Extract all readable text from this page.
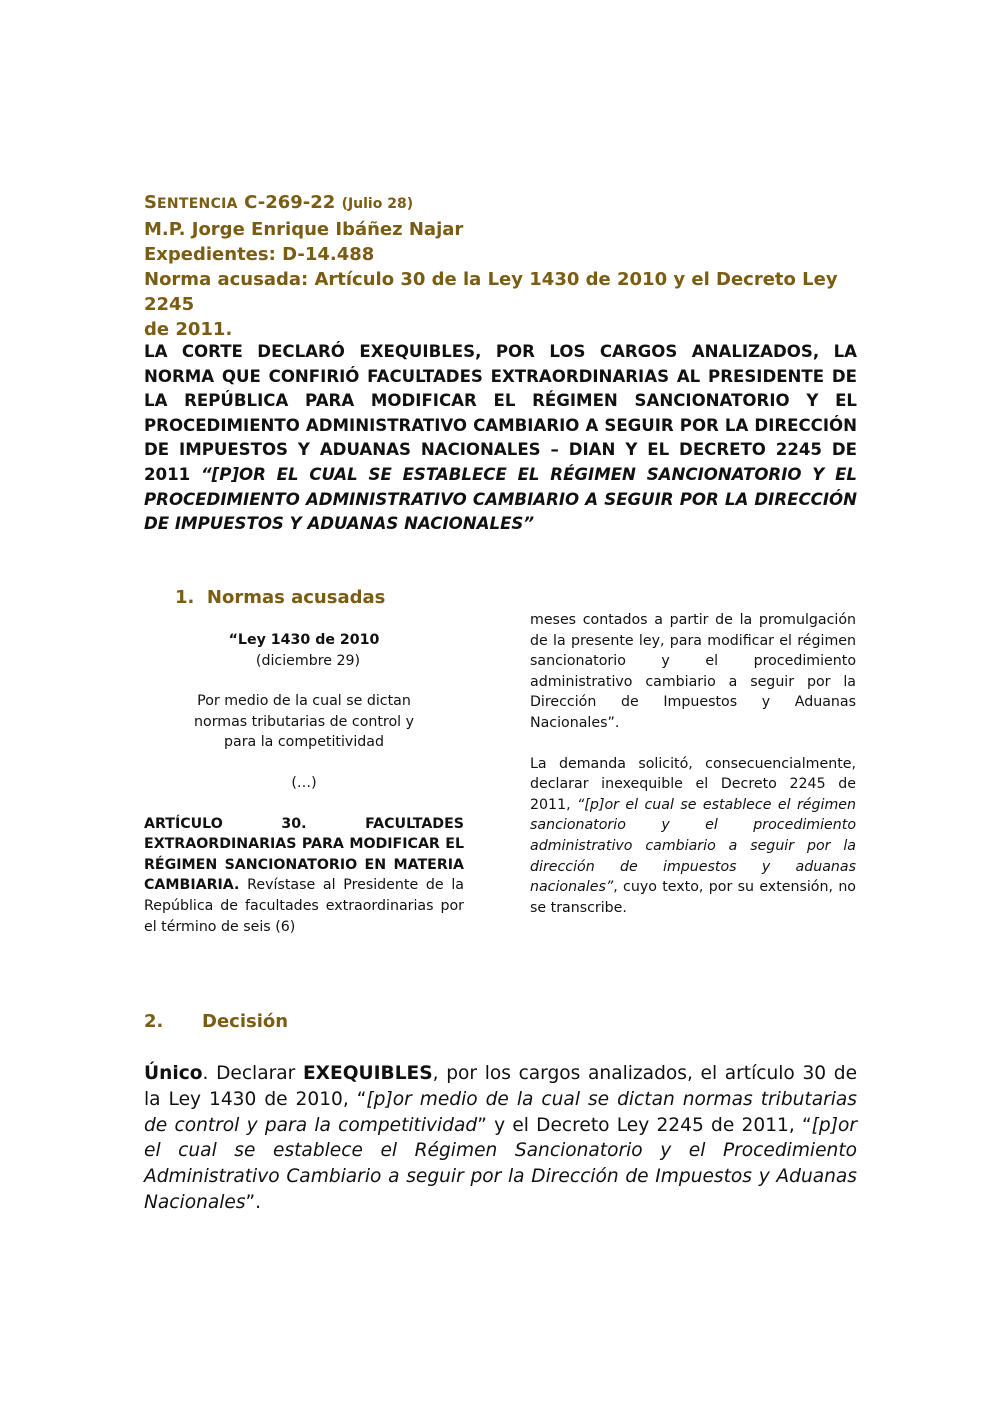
SENTENCIA C-269-22 (Julio 28)
M.P. Jorge Enrique Ibáñez Najar
Expedientes: D-14.488
Norma acusada: Artículo 30 de la Ley 1430 de 2010 y el Decreto Ley 2245
de 2011.
LA CORTE DECLARÓ EXEQUIBLES, POR LOS CARGOS ANALIZADOS, LA NORMA QUE CONFIRIÓ FACULTADES EXTRAORDINARIAS AL PRESIDENTE DE LA REPÚBLICA PARA MODIFICAR EL RÉGIMEN SANCIONATORIO Y EL PROCEDIMIENTO ADMINISTRATIVO CAMBIARIO A SEGUIR POR LA DIRECCIÓN DE IMPUESTOS Y ADUANAS NACIONALES – DIAN Y EL DECRETO 2245 DE 2011 “[P]OR EL CUAL SE ESTABLECE EL RÉGIMEN SANCIONATORIO Y EL PROCEDIMIENTO ADMINISTRATIVO CAMBIARIO A SEGUIR POR LA DIRECCIÓN DE IMPUESTOS Y ADUANAS NACIONALES”
1. Normas acusadas
“Ley 1430 de 2010
(diciembre 29)
Por medio de la cual se dictan normas tributarias de control y para la competitividad
(…)
ARTÍCULO 30. FACULTADES EXTRAORDINARIAS PARA MODIFICAR EL RÉGIMEN SANCIONATORIO EN MATERIA CAMBIARIA. Revístase al Presidente de la República de facultades extraordinarias por el término de seis (6)
meses contados a partir de la promulgación de la presente ley, para modificar el régimen sancionatorio y el procedimiento administrativo cambiario a seguir por la Dirección de Impuestos y Aduanas Nacionales”.
La demanda solicitó, consecuencialmente, declarar inexequible el Decreto 2245 de 2011, “[p]or el cual se establece el régimen sancionatorio y el procedimiento administrativo cambiario a seguir por la dirección de impuestos y aduanas nacionales”, cuyo texto, por su extensión, no se transcribe.
2. Decisión
Único. Declarar EXEQUIBLES, por los cargos analizados, el artículo 30 de la Ley 1430 de 2010, “[p]or medio de la cual se dictan normas tributarias de control y para la competitividad” y el Decreto Ley 2245 de 2011, “[p]or el cual se establece el Régimen Sancionatorio y el Procedimiento Administrativo Cambiario a seguir por la Dirección de Impuestos y Aduanas Nacionales”.
